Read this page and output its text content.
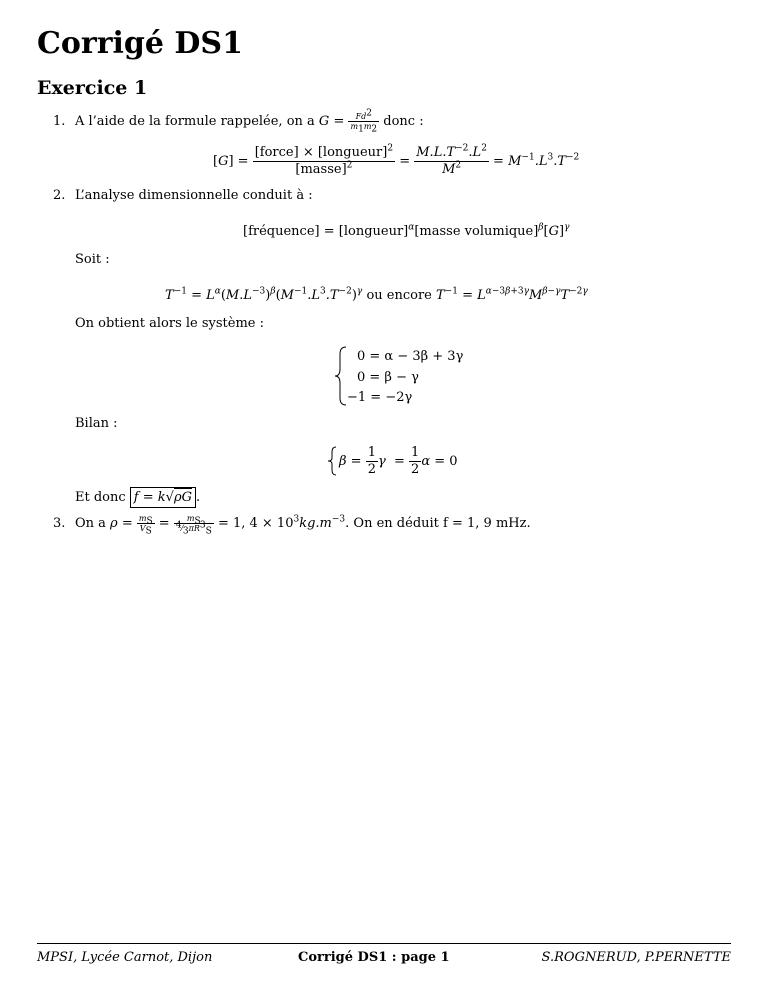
Corrigé DS1
Exercice 1
1. A l’aide de la formule rappelée, on a $G = \frac{Fd^2}{m_1m_2}$ donc :
$[G] = \frac{[force] \times [longueur]^2}{[masse]^2} = \frac{M.L.T^{-2}.L^2}{M^2} = M^{-1}.L^3.T^{-2}$
2. L’analyse dimensionnelle conduit à :
[fréquence] = [longueur]$^\alpha$[masse $volumique]^\beta[G]^\gamma$
Soit :
$T^{-1} = L^\alpha(M.L^{-3})^\beta(M^{-1}.L^3.T^{-2})^\gamma$ ou encore $T^{-1} = L^{\alpha-3\beta+3\gamma}M^{\beta-\gamma}T^{-2\gamma}$
On obtient alors le système :
0 = α − 3β + 3γ
0 = β − γ
−1 = −2γ
Bilan :
$\beta = \frac{1}{2}$ $\gamma = \frac{1}{2}$ α = 0
Et donc f = k√ρG .
3. On a $\rho = \frac{m_S}{V_S} = \frac{m_S}{^4⁄_3\pi R^3_S} = 1$, $4 \times 10^3kg.m^{-3}$. On en déduit f = 1, 9 mHz.
MPSI, Lycée Carnot, Dijon	Corrigé DS1 : page 1	S.ROGNERUD, P.PERNETTE
